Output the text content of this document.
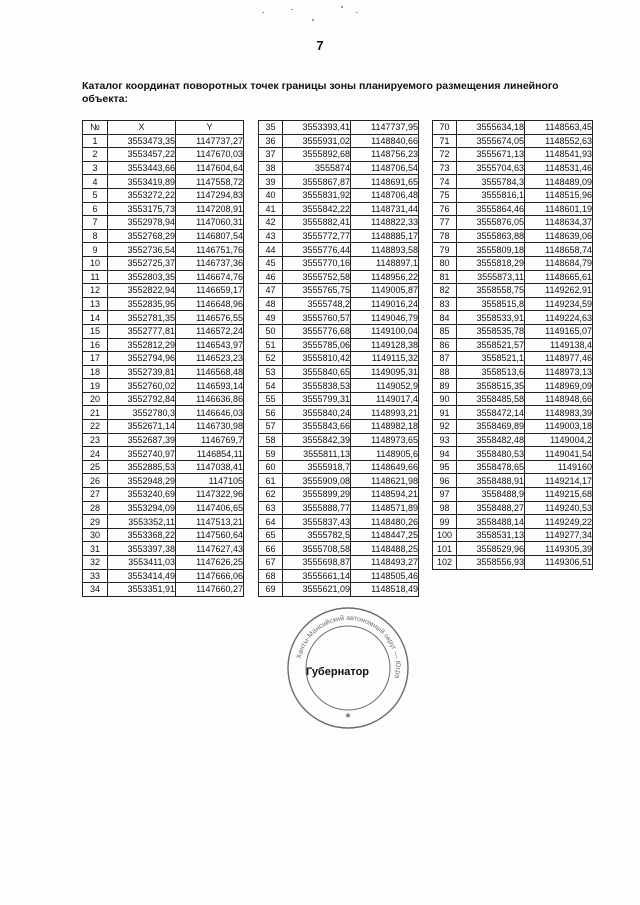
7
Каталог координат поворотных точек границы зоны планируемого размещения линейного объекта:
№	X	Y
1	3553473,35	1147737,27
2	3553457,22	1147670,03
3	3553443,66	1147604,64
4	3553419,89	1147558,72
5	3553272,22	1147294,83
6	3553175,73	1147208,91
7	3552978,94	1147060,31
8	3552768,29	1146807,54
9	3552736,54	1146751,76
10	3552725,37	1146737,36
11	3552803,35	1146674,76
12	3552822,94	1146659,17
13	3552835,95	1146648,96
14	3552781,35	1146576,55
15	3552777,81	1146572,24
16	3552812,29	1146543,97
17	3552794,96	1146523,23
18	3552739,81	1146568,48
19	3552760,02	1146593,14
20	3552792,84	1146636,86
21	3552780,3	1146646,03
22	3552671,14	1146730,98
23	3552687,39	1146769,7
24	3552740,97	1146854,11
25	3552885,53	1147038,41
26	3552948,29	1147105
27	3553240,69	1147322,96
28	3553294,09	1147406,65
29	3553352,11	1147513,21
30	3553368,22	1147560,64
31	3553397,38	1147627,43
32	3553411,03	1147626,25
33	3553414,49	1147666,06
34	3553351,91	1147660,27
35	3553393,41	1147737,95
36	3555931,02	1148840,66
37	3555892,68	1148756,23
38	3555874	1148706,54
39	3555867,87	1148691,65
40	3555831,92	1148706,48
41	3555842,22	1148731,44
42	3555882,41	1148822,33
43	3555772,77	1148885,17
44	3555776,44	1148893,58
45	3555770,16	1148897,1
46	3555752,58	1148956,22
47	3555765,75	1149005,87
48	3555748,2	1149016,24
49	3555760,57	1149046,79
50	3555776,68	1149100,04
51	3555785,06	1149128,38
52	3555810,42	1149115,32
53	3555840,65	1149095,31
54	3555838,53	1149052,9
55	3555799,31	1149017,4
56	3555840,24	1148993,21
57	3555843,66	1148982,18
58	3555842,39	1148973,65
59	3555811,13	1148905,6
60	3555918,7	1148649,66
61	3555909,08	1148621,98
62	3555899,29	1148594,21
63	3555888,77	1148571,89
64	3555837,43	1148480,26
65	3555782,5	1148447,25
66	3555708,58	1148488,25
67	3555698,87	1148493,27
68	3555661,14	1148505,46
69	3555621,09	1148518,49
70	3555634,18	1148563,45
71	3555674,05	1148552,63
72	3555671,13	1148541,93
73	3555704,63	1148531,46
74	3555784,3	1148489,09
75	3555816,1	1148515,96
76	3555864,46	1148601,19
77	3555876,05	1148634,37
78	3555863,88	1148639,06
79	3555809,18	1148658,74
80	3555818,29	1148684,79
81	3555873,11	1148665,61
82	3558558,75	1149262,91
83	3558515,8	1149234,59
84	3558533,91	1149224,63
85	3558535,78	1149165,07
86	3558521,57	1149138,4
87	3558521,1	1148977,46
88	3558513,6	1148973,13
89	3558515,35	1148969,09
90	3558485,58	1148948,66
91	3558472,14	1148983,39
92	3558469,89	1149003,18
93	3558482,48	1149004,2
94	3558480,53	1149041,54
95	3558478,65	1149160
96	3558488,91	1149214,17
97	3558488,9	1149215,68
98	3558488,27	1149240,53
99	3558488,14	1149249,22
100	3558531,13	1149277,34
101	3558529,96	1149305,39
102	3558556,93	1149306,51
Ханты-Мансийский автономный округ — Югра
★
Губернатор
